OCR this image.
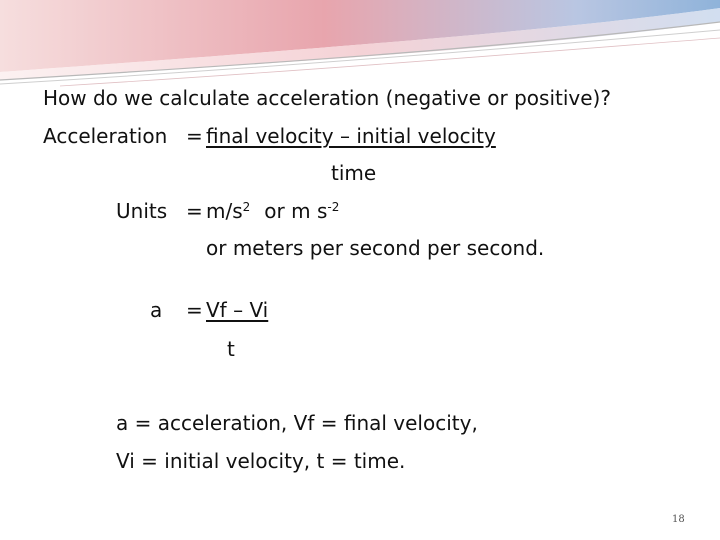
How do we calculate acceleration (negative or positive)?
Acceleration = final velocity – initial velocity
time
Units = $m/s^2$ or m $s^{-2}$
or meters per second per second.
a = Vf – Vi
t
a = acceleration, Vf = final velocity,
Vi = initial velocity, t = time.
18
